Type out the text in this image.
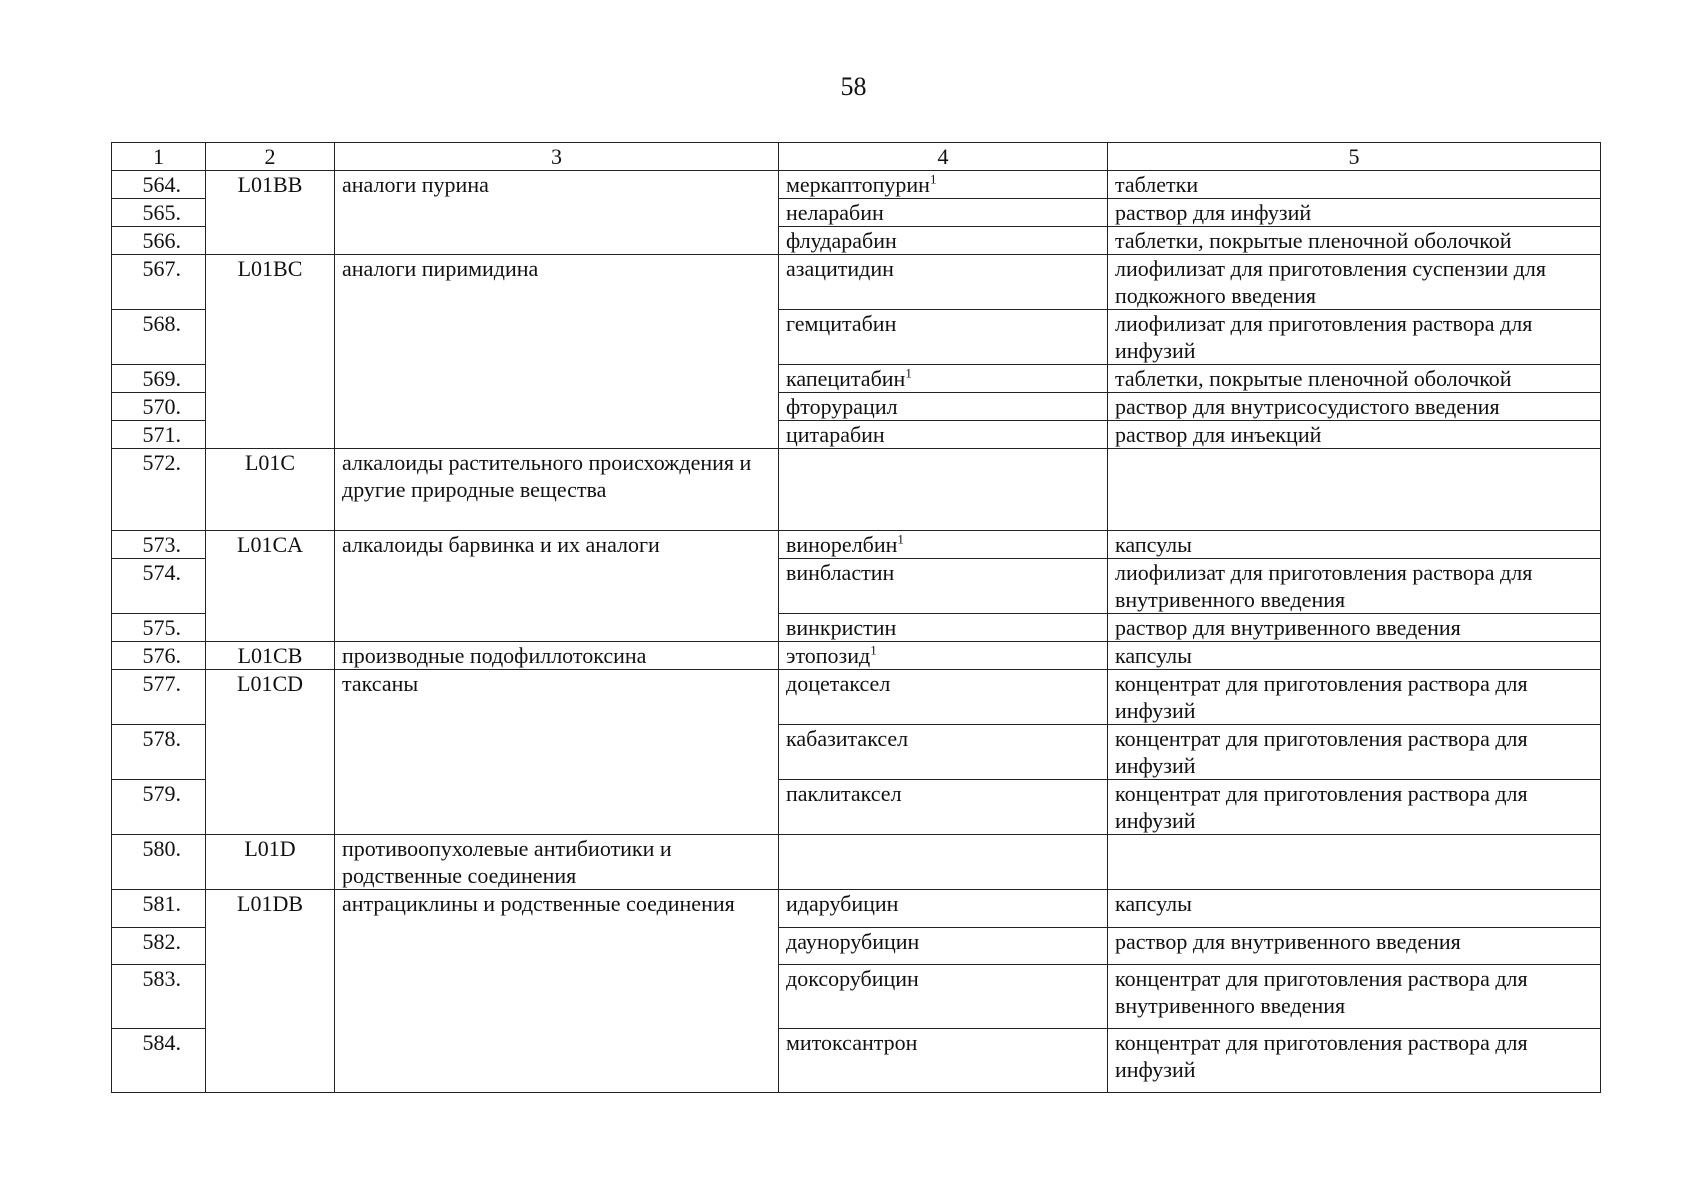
58
1	2	3	4	5
564.	L01BB	аналоги пурина	меркаптопурин$^1$	таблетки
565.			неларабин	раствор для инфузий
566.			флударабин	таблетки, покрытые пленочной оболочкой
567.	L01BC	аналоги пиримидина	азацитидин	лиофилизат для приготовления суспензии для подкожного введения
568.			гемцитабин	лиофилизат для приготовления раствора для инфузий
569.			капецитабин$^1$	таблетки, покрытые пленочной оболочкой
570.			фторурацил	раствор для внутрисосудистого введения
571.			цитарабин	раствор для инъекций
572.	L01C	алкалоиды растительного происхождения и другие природные вещества		
573.	L01CA	алкалоиды барвинка и их аналоги	винорелбин$^1$	капсулы
574.			винбластин	лиофилизат для приготовления раствора для внутривенного введения
575.			винкристин	раствор для внутривенного введения
576.	L01CB	производные подофиллотоксина	этопозид$^1$	капсулы
577.	L01CD	таксаны	доцетаксел	концентрат для приготовления раствора для инфузий
578.			кабазитаксел	концентрат для приготовления раствора для инфузий
579.			паклитаксел	концентрат для приготовления раствора для инфузий
580.	L01D	противоопухолевые антибиотики и родственные соединения		
581.	L01DB	антрациклины и родственные соединения	идарубицин	капсулы
582.			даунорубицин	раствор для внутривенного введения
583.			доксорубицин	концентрат для приготовления раствора для внутривенного введения
584.			митоксантрон	концентрат для приготовления раствора для инфузий
